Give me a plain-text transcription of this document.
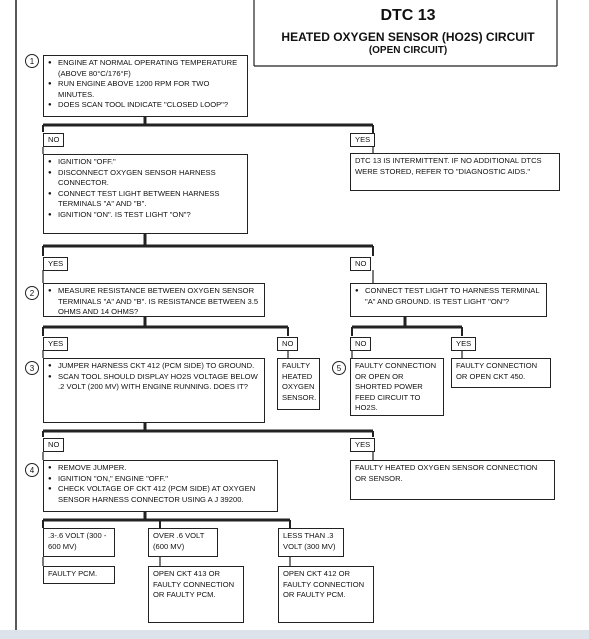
DTC 13
HEATED OXYGEN SENSOR (HO2S) CIRCUIT
(OPEN CIRCUIT)
1	● ENGINE AT NORMAL OPERATING TEMPERATURE (ABOVE 80°C/176°F)
● RUN ENGINE ABOVE 1200 RPM FOR TWO MINUTES.
● DOES SCAN TOOL INDICATE "CLOSED LOOP"?
NO	YES
● IGNITION "OFF."
● DISCONNECT OXYGEN SENSOR HARNESS CONNECTOR.
● CONNECT TEST LIGHT BETWEEN HARNESS TERMINALS "A" AND "B".
● IGNITION "ON". IS TEST LIGHT "ON"?
DTC 13 IS INTERMITTENT. IF NO ADDITIONAL DTCS WERE STORED, REFER TO "DIAGNOSTIC AIDS."
YES	NO
2	● MEASURE RESISTANCE BETWEEN OXYGEN SENSOR TERMINALS "A" AND "B". IS RESISTANCE BETWEEN 3.5 OHMS AND 14 OHMS?
● CONNECT TEST LIGHT TO HARNESS TERMINAL "A" AND GROUND. IS TEST LIGHT "ON"?
YES	NO	NO	YES
3	● JUMPER HARNESS CKT 412 (PCM SIDE) TO GROUND.
● SCAN TOOL SHOULD DISPLAY HO2S VOLTAGE BELOW .2 VOLT (200 MV) WITH ENGINE RUNNING. DOES IT?
FAULTY HEATED OXYGEN SENSOR.
5	FAULTY CONNECTION OR OPEN OR SHORTED POWER FEED CIRCUIT TO HO2S.
FAULTY CONNECTION OR OPEN CKT 450.
NO	YES
4	● REMOVE JUMPER.
● IGNITION "ON," ENGINE "OFF."
● CHECK VOLTAGE OF CKT 412 (PCM SIDE) AT OXYGEN SENSOR HARNESS CONNECTOR USING A J 39200.
FAULTY HEATED OXYGEN SENSOR CONNECTION OR SENSOR.
.3-.6 VOLT (300 - 600 MV)
OVER .6 VOLT (600 MV)
LESS THAN .3 VOLT (300 MV)
FAULTY PCM.	OPEN CKT 413 OR FAULTY CONNECTION OR FAULTY PCM.
OPEN CKT 412 OR FAULTY CONNECTION OR FAULTY PCM.
